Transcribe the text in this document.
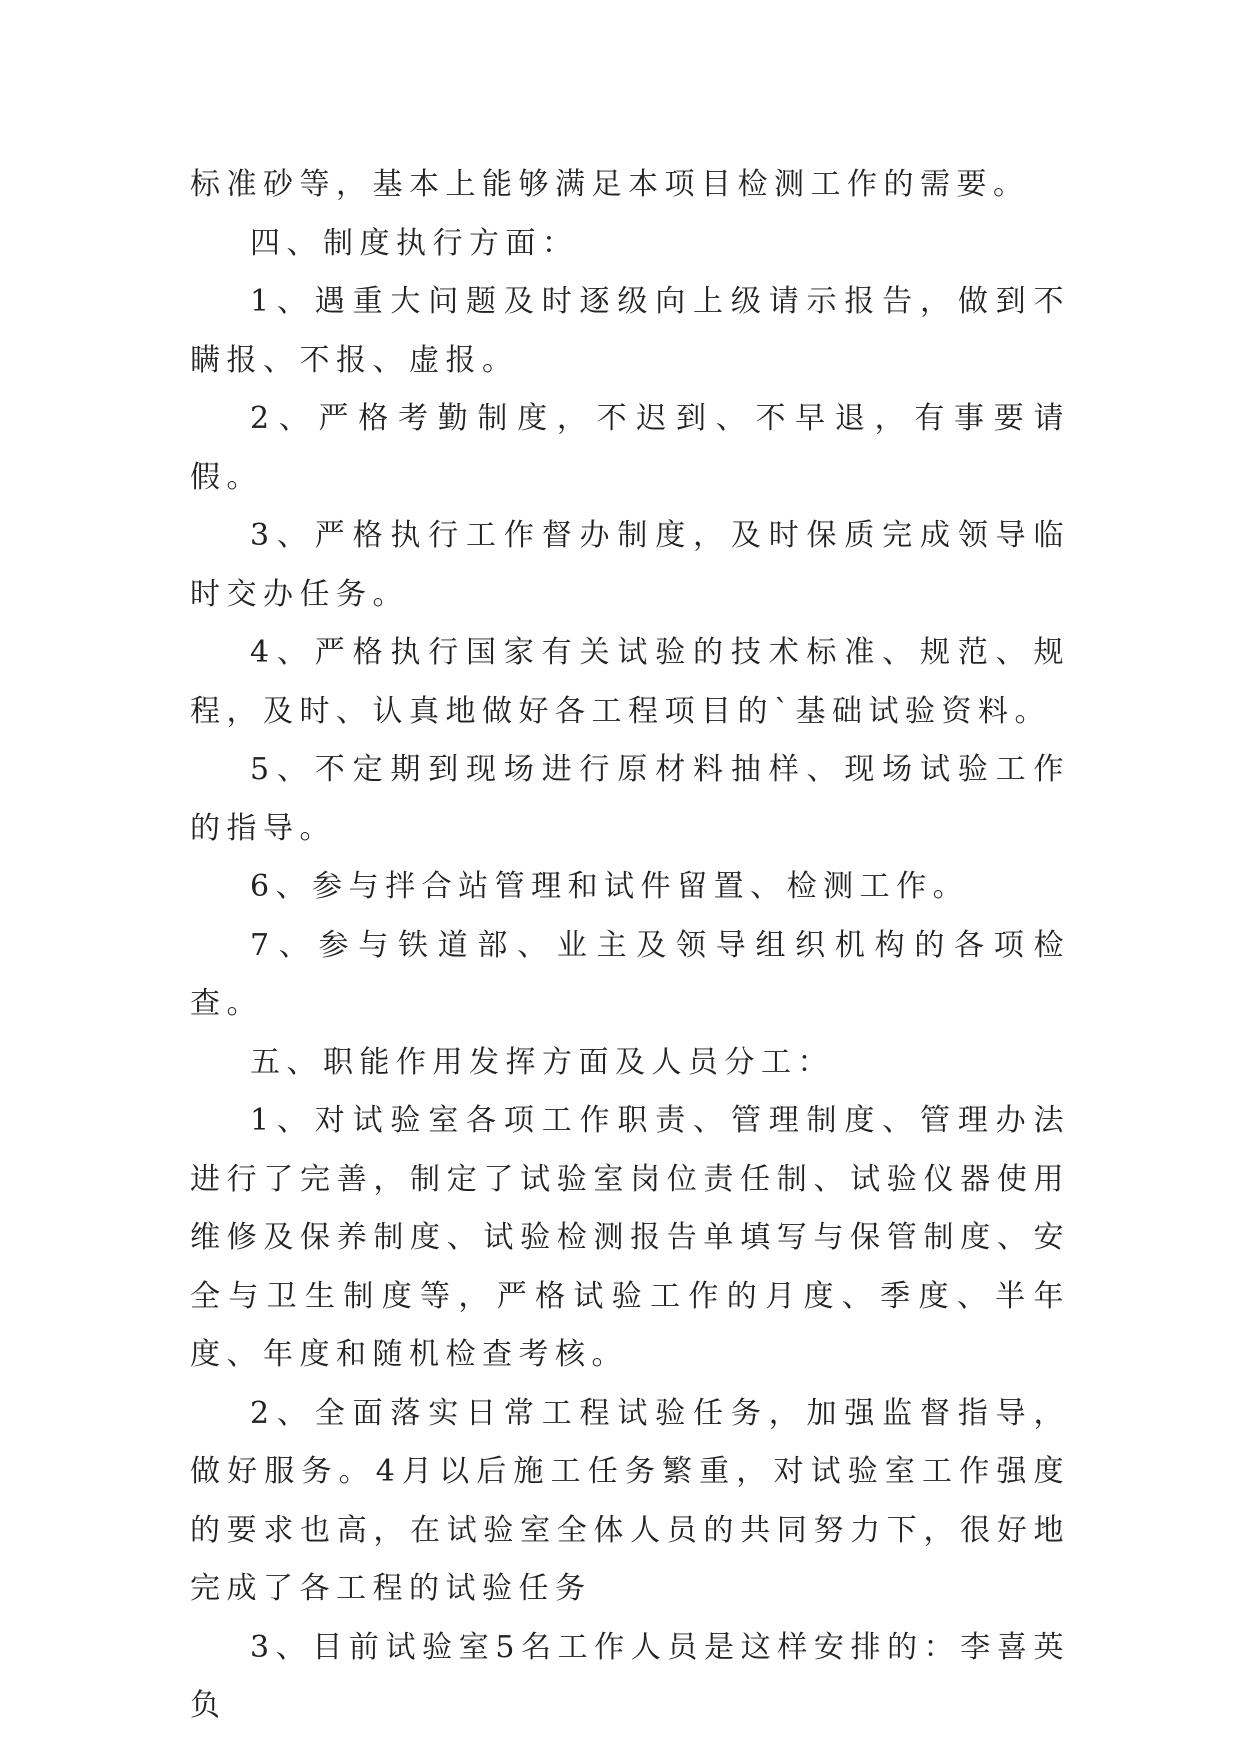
标准砂等，基本上能够满足本项目检测工作的需要。

四、制度执行方面：

1、遇重大问题及时逐级向上级请示报告，做到不瞒报、不报、虚报。

2、严格考勤制度，不迟到、不早退，有事要请假。

3、严格执行工作督办制度，及时保质完成领导临时交办任务。

4、严格执行国家有关试验的技术标准、规范、规程，及时、认真地做好各工程项目的`基础试验资料。

5、不定期到现场进行原材料抽样、现场试验工作的指导。

6、参与拌合站管理和试件留置、检测工作。

7、参与铁道部、业主及领导组织机构的各项检查。

五、职能作用发挥方面及人员分工：

1、对试验室各项工作职责、管理制度、管理办法进行了完善，制定了试验室岗位责任制、试验仪器使用维修及保养制度、试验检测报告单填写与保管制度、安全与卫生制度等，严格试验工作的月度、季度、半年度、年度和随机检查考核。

2、全面落实日常工程试验任务，加强监督指导，做好服务。4月以后施工任务繁重，对试验室工作强度的要求也高，在试验室全体人员的共同努力下，很好地完成了各工程的试验任务

3、目前试验室5名工作人员是这样安排的：李喜英负
